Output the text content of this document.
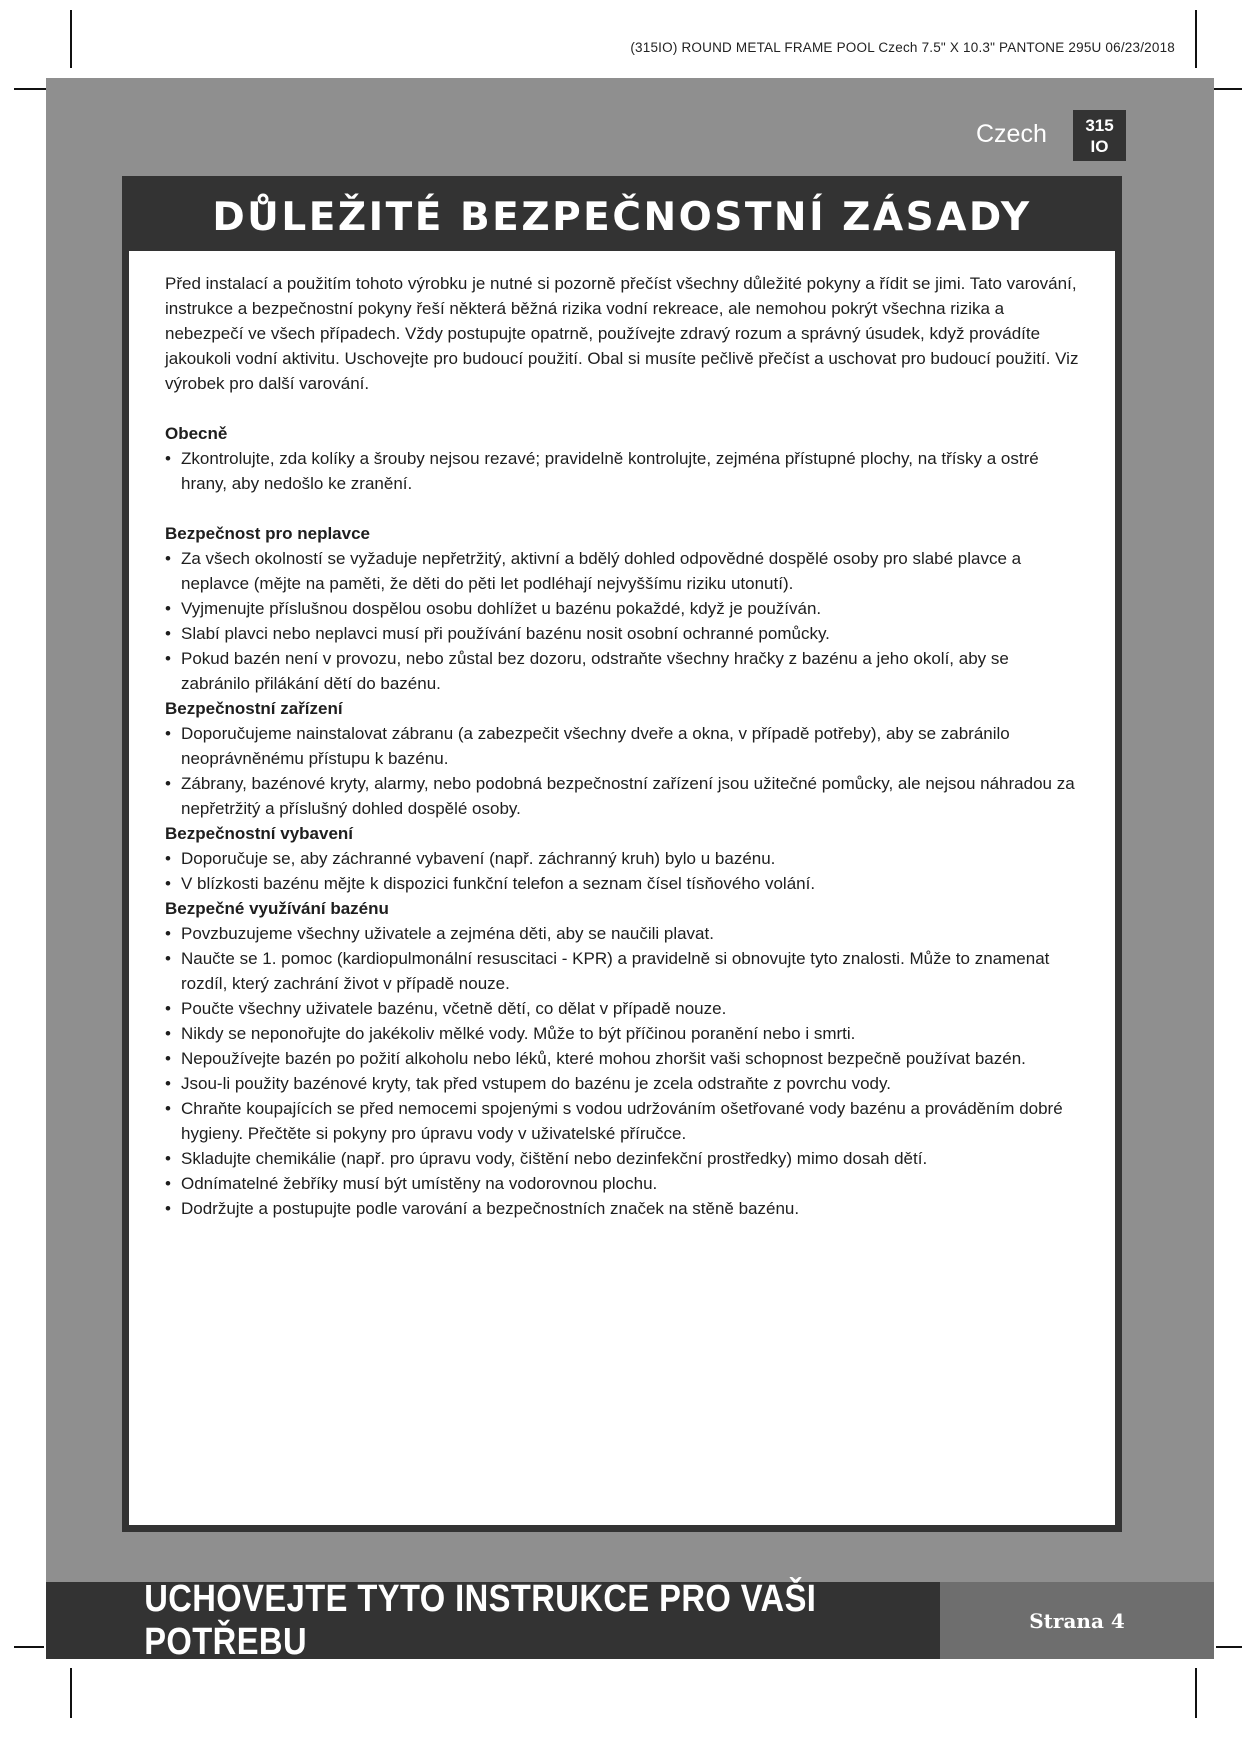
(315IO) ROUND METAL FRAME POOL Czech 7.5" X 10.3" PANTONE 295U 06/23/2018
Czech	315
IO
DŮLEŽITÉ BEZPEČNOSTNÍ ZÁSADY

Před instalací a použitím tohoto výrobku je nutné si pozorně přečíst všechny důležité pokyny a řídit se jimi. Tato varování, instrukce a bezpečnostní pokyny řeší některá běžná rizika vodní rekreace, ale nemohou pokrýt všechna rizika a nebezpečí ve všech případech. Vždy postupujte opatrně, používejte zdravý rozum a správný úsudek, když provádíte jakoukoli vodní aktivitu. Uschovejte pro budoucí použití. Obal si musíte pečlivě přečíst a uschovat pro budoucí použití. Viz výrobek pro další varování.

Obecně

• Zkontrolujte, zda kolíky a šrouby nejsou rezavé; pravidelně kontrolujte, zejména přístupné plochy, na třísky a ostré hrany, aby nedošlo ke zranění.

Bezpečnost pro neplavce

• Za všech okolností se vyžaduje nepřetržitý, aktivní a bdělý dohled odpovědné dospělé osoby pro slabé plavce a neplavce (mějte na paměti, že děti do pěti let podléhají nejvyššímu riziku utonutí).
• Vyjmenujte příslušnou dospělou osobu dohlížet u bazénu pokaždé, když je používán.
• Slabí plavci nebo neplavci musí při používání bazénu nosit osobní ochranné pomůcky.
• Pokud bazén není v provozu, nebo zůstal bez dozoru, odstraňte všechny hračky z bazénu a jeho okolí, aby se zabránilo přilákání dětí do bazénu.

Bezpečnostní zařízení

• Doporučujeme nainstalovat zábranu (a zabezpečit všechny dveře a okna, v případě potřeby), aby se zabránilo neoprávněnému přístupu k bazénu.
• Zábrany, bazénové kryty, alarmy, nebo podobná bezpečnostní zařízení jsou užitečné pomůcky, ale nejsou náhradou za nepřetržitý a příslušný dohled dospělé osoby.

Bezpečnostní vybavení

• Doporučuje se, aby záchranné vybavení (např. záchranný kruh) bylo u bazénu.
• V blízkosti bazénu mějte k dispozici funkční telefon a seznam čísel tísňového volání.

Bezpečné využívání bazénu

• Povzbuzujeme všechny uživatele a zejména děti, aby se naučili plavat.
• Naučte se 1. pomoc (kardiopulmonální resuscitaci - KPR) a pravidelně si obnovujte tyto znalosti. Může to znamenat rozdíl, který zachrání život v případě nouze.
• Poučte všechny uživatele bazénu, včetně dětí, co dělat v případě nouze.
• Nikdy se neponořujte do jakékoliv mělké vody. Může to být příčinou poranění nebo i smrti.
• Nepoužívejte bazén po požití alkoholu nebo léků, které mohou zhoršit vaši schopnost bezpečně používat bazén.
• Jsou-li použity bazénové kryty, tak před vstupem do bazénu je zcela odstraňte z povrchu vody.
• Chraňte koupajících se před nemocemi spojenými s vodou udržováním ošetřované vody bazénu a prováděním dobré hygieny. Přečtěte si pokyny pro úpravu vody v uživatelské příručce.
• Skladujte chemikálie (např. pro úpravu vody, čištění nebo dezinfekční prostředky) mimo dosah dětí.
• Odnímatelné žebříky musí být umístěny na vodorovnou plochu.
• Dodržujte a postupujte podle varování a bezpečnostních značek na stěně bazénu.
UCHOVEJTE TYTO INSTRUKCE PRO VAŠI POTŘEBU	Strana 4
